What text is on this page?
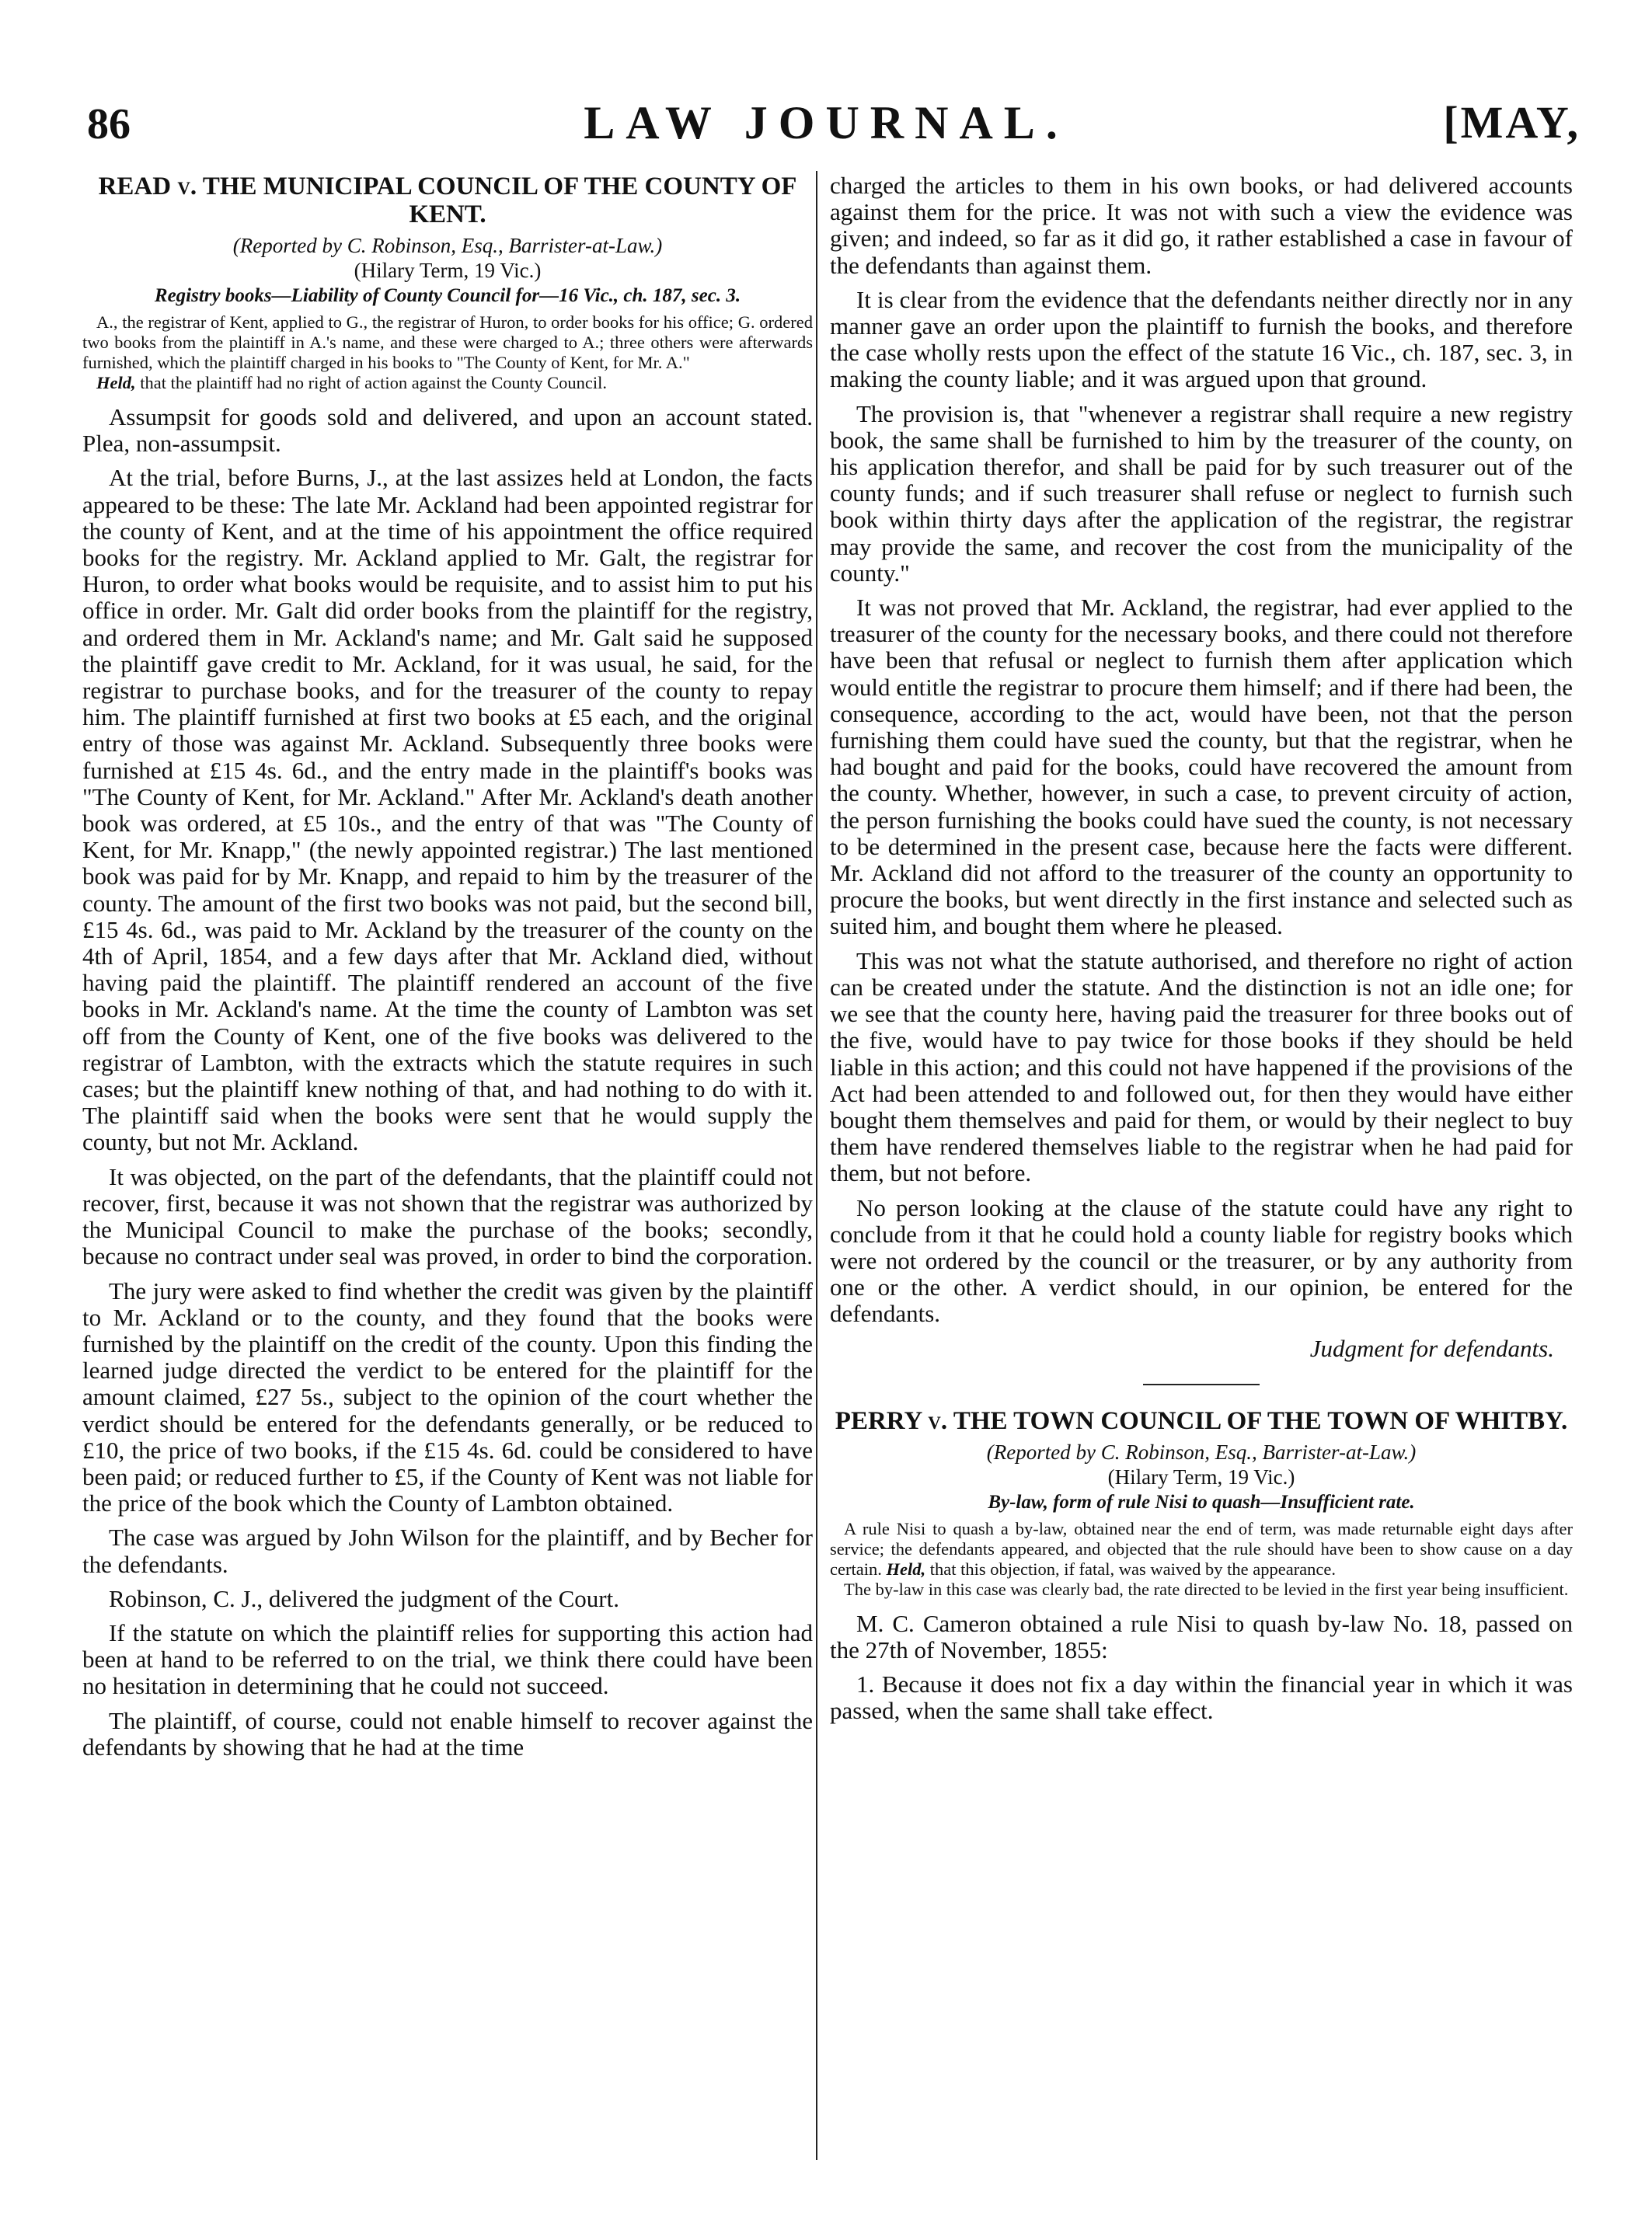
86	LAW JOURNAL.	[MAY,
READ v. THE MUNICIPAL COUNCIL OF THE COUNTY OF KENT.
(Reported by C. Robinson, Esq., Barrister-at-Law.)
(Hilary Term, 19 Vic.)
Registry books—Liability of County Council for—16 Vic., ch. 187, sec. 3.

A., the registrar of Kent, applied to G., the registrar of Huron, to order books for his office; G. ordered two books from the plaintiff in A.'s name, and these were charged to A.; three others were afterwards furnished, which the plaintiff charged in his books to "The County of Kent, for Mr. A."

Held, that the plaintiff had no right of action against the County Council.

Assumpsit for goods sold and delivered, and upon an account stated. Plea, non-assumpsit.

At the trial, before Burns, J., at the last assizes held at London, the facts appeared to be these: The late Mr. Ackland had been appointed registrar for the county of Kent, and at the time of his appointment the office required books for the registry. Mr. Ackland applied to Mr. Galt, the registrar for Huron, to order what books would be requisite, and to assist him to put his office in order. Mr. Galt did order books from the plaintiff for the registry, and ordered them in Mr. Ackland's name; and Mr. Galt said he supposed the plaintiff gave credit to Mr. Ackland, for it was usual, he said, for the registrar to purchase books, and for the treasurer of the county to repay him. The plaintiff furnished at first two books at £5 each, and the original entry of those was against Mr. Ackland. Subsequently three books were furnished at £15 4s. 6d., and the entry made in the plaintiff's books was "The County of Kent, for Mr. Ackland." After Mr. Ackland's death another book was ordered, at £5 10s., and the entry of that was "The County of Kent, for Mr. Knapp," (the newly appointed registrar.) The last mentioned book was paid for by Mr. Knapp, and repaid to him by the treasurer of the county. The amount of the first two books was not paid, but the second bill, £15 4s. 6d., was paid to Mr. Ackland by the treasurer of the county on the 4th of April, 1854, and a few days after that Mr. Ackland died, without having paid the plaintiff. The plaintiff rendered an account of the five books in Mr. Ackland's name. At the time the county of Lambton was set off from the County of Kent, one of the five books was delivered to the registrar of Lambton, with the extracts which the statute requires in such cases; but the plaintiff knew nothing of that, and had nothing to do with it. The plaintiff said when the books were sent that he would supply the county, but not Mr. Ackland.

It was objected, on the part of the defendants, that the plaintiff could not recover, first, because it was not shown that the registrar was authorized by the Municipal Council to make the purchase of the books; secondly, because no contract under seal was proved, in order to bind the corporation.

The jury were asked to find whether the credit was given by the plaintiff to Mr. Ackland or to the county, and they found that the books were furnished by the plaintiff on the credit of the county. Upon this finding the learned judge directed the verdict to be entered for the plaintiff for the amount claimed, £27 5s., subject to the opinion of the court whether the verdict should be entered for the defendants generally, or be reduced to £10, the price of two books, if the £15 4s. 6d. could be considered to have been paid; or reduced further to £5, if the County of Kent was not liable for the price of the book which the County of Lambton obtained.

The case was argued by John Wilson for the plaintiff, and by Becher for the defendants.

Robinson, C. J., delivered the judgment of the Court.

If the statute on which the plaintiff relies for supporting this action had been at hand to be referred to on the trial, we think there could have been no hesitation in determining that he could not succeed.

The plaintiff, of course, could not enable himself to recover against the defendants by showing that he had at the time

charged the articles to them in his own books, or had delivered accounts against them for the price. It was not with such a view the evidence was given; and indeed, so far as it did go, it rather established a case in favour of the defendants than against them.

It is clear from the evidence that the defendants neither directly nor in any manner gave an order upon the plaintiff to furnish the books, and therefore the case wholly rests upon the effect of the statute 16 Vic., ch. 187, sec. 3, in making the county liable; and it was argued upon that ground.

The provision is, that "whenever a registrar shall require a new registry book, the same shall be furnished to him by the treasurer of the county, on his application therefor, and shall be paid for by such treasurer out of the county funds; and if such treasurer shall refuse or neglect to furnish such book within thirty days after the application of the registrar, the registrar may provide the same, and recover the cost from the municipality of the county."

It was not proved that Mr. Ackland, the registrar, had ever applied to the treasurer of the county for the necessary books, and there could not therefore have been that refusal or neglect to furnish them after application which would entitle the registrar to procure them himself; and if there had been, the consequence, according to the act, would have been, not that the person furnishing them could have sued the county, but that the registrar, when he had bought and paid for the books, could have recovered the amount from the county. Whether, however, in such a case, to prevent circuity of action, the person furnishing the books could have sued the county, is not necessary to be determined in the present case, because here the facts were different. Mr. Ackland did not afford to the treasurer of the county an opportunity to procure the books, but went directly in the first instance and selected such as suited him, and bought them where he pleased.

This was not what the statute authorised, and therefore no right of action can be created under the statute. And the distinction is not an idle one; for we see that the county here, having paid the treasurer for three books out of the five, would have to pay twice for those books if they should be held liable in this action; and this could not have happened if the provisions of the Act had been attended to and followed out, for then they would have either bought them themselves and paid for them, or would by their neglect to buy them have rendered themselves liable to the registrar when he had paid for them, but not before.

No person looking at the clause of the statute could have any right to conclude from it that he could hold a county liable for registry books which were not ordered by the council or the treasurer, or by any authority from one or the other. A verdict should, in our opinion, be entered for the defendants.

Judgment for defendants.
PERRY v. THE TOWN COUNCIL OF THE TOWN OF WHITBY.
(Reported by C. Robinson, Esq., Barrister-at-Law.)
(Hilary Term, 19 Vic.)
By-law, form of rule Nisi to quash—Insufficient rate.

A rule Nisi to quash a by-law, obtained near the end of term, was made returnable eight days after service; the defendants appeared, and objected that the rule should have been to show cause on a day certain. Held, that this objection, if fatal, was waived by the appearance.

The by-law in this case was clearly bad, the rate directed to be levied in the first year being insufficient.

M. C. Cameron obtained a rule Nisi to quash by-law No. 18, passed on the 27th of November, 1855:

1. Because it does not fix a day within the financial year in which it was passed, when the same shall take effect.
